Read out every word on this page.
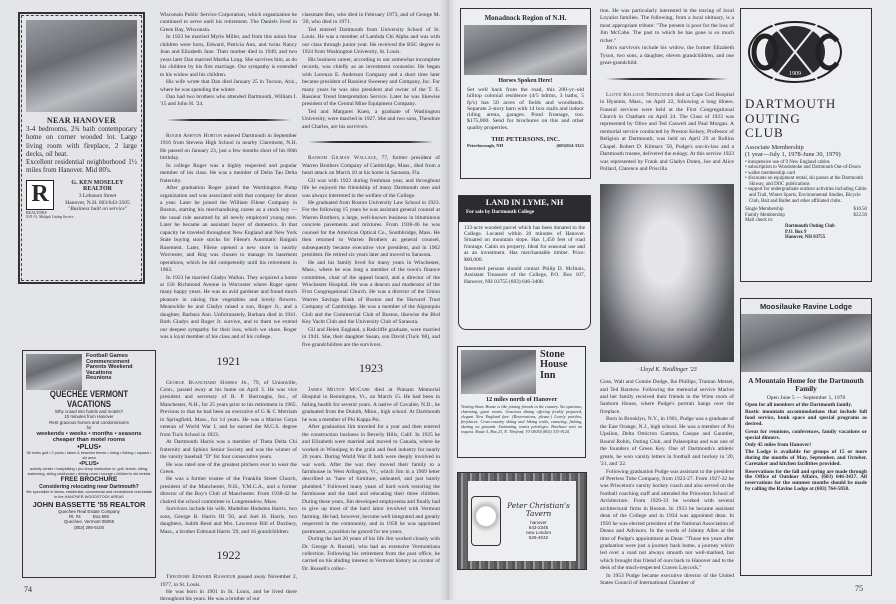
NEAR HANOVER
3-4 bedrooms, 2¾ bath contemporary home on corner wooded lot. Large living room with fireplace, 2 large decks, oil heat.
Excellent residential neighborhood 1½ miles from Hanover. Mid 80's.
R
REALTOR®
G. KEN MOSELEY
REALTOR
3 Lebanon Street
Hanover, N.H. 603/643-3505
"Business built on service"
N.H.-Vt. Multiple Listing Service
Football Games
Commencement
Parents Weekend
Vacations
Reunions
QUECHEE VERMONT VACATIONS
Why crowd into hotels and motels?
10 minutes from Hanover
Rent gracious homes and condominiums
for
weekends • weeks • months • seasons
cheaper than motel rooms
•PLUS•
36 holes golf • 2 pools • lakes & beaches tennis • riding • fishing • squash • ski area
•PLUS•
activity center • babysitting • pro shop instruction in: golf, tennis, riding, swimming, skiing clubhouse • dining room • lounge • children's ski rentals
FREE BROCHURE
Considering relocating near Dartmouth?
We specialize in farms, residential, commercial and recreational real estate in the HANOVER-WOODSTOCK AREAS
JOHN BASSETTE '55 REALTOR
Quechee Real Estate Company
Rt. #4          Box 580
Quechee, Vermont 05059
(802) 295-5100
74

Wisconsin Public Service Corporation, which organization he continued to serve until his retirement. The Daniels lived in Green Bay, Wisconsin.

In 1923 he married Myrle Miller, and from this union four children were born, Edward, Patricia Ann, and twins Nancy Jean and Elizabeth Jane. Their mother died in 1949, and two years later Dan married Martha Long. She survives him, as do his children by his first marriage. Our sympathy is extended to his widow and his children.

His wife wrote that Dan died January 25 in Tucson, Ariz., where he was spending the winter.

Dan had two brothers who attended Dartmouth, William I. '15 and John H. '24.

Roger Ashton Horton entered Dartmouth in September 1916 from Stevens High School in nearby Claremont, N.H. He passed on January 23, just a few months short of his 80th birthday.

In college Roger was a highly respected and popular member of his class. He was a member of Delta Tau Delta fraternity.

After graduation Roger joined the Worthington Pump organization and was associated with that company for about a year. Later he joined the William Filene Company in Boston, starting his merchandising career as a stock boy — the usual role assumed by all newly employed young men. Later he became an assistant buyer of domestics. In that capacity he traveled throughout New England and New York State buying store stocks for Filene's Automatic Bargain Basement. Later, Filene opened a new store in nearby Worcester, and Rog was chosen to manage its basement operations, which he did competently until his retirement in 1963.

In 1923 he married Gladys Wallon. They acquired a home at 156 Richmond Avenue in Worcester where Roger spent many happy years. He was an avid gardener and found much pleasure in raising fine vegetables and lovely flowers. Meanwhile he and Gladys raised a son, Roger Jr., and a daughter, Barbara Ann. Unfortunately, Barbara died in 1941. Both Gladys and Roger Jr. survive, and to them we extend our deepest sympathy for their loss, which we share. Roger was a loyal member of his class and of his college.

1921

George Blanchard Harris Jr., 79, of Unionville, Conn., passed away at his home on April 3. He was vice president and secretary of R. P. Burroughs, Inc., of Manchester, N.H., for 25 years prior to his retirement in 1965. Previous to that he had been an executive of G & C Merriam in Springfield, Mass., for 14 years. He was a Marine Corps veteran of World War I, and he earned the M.C.S. degree from Tuck School in 1923.

At Dartmouth Harris was a member of Theta Delta Chi fraternity and Sphinx Senior Society and was the winner of the varsity baseball "D" for four consecutive years.

He was rated one of the greatest pitchers ever to wear the Green.

He was a former trustee of the Franklin Street Church, president of the Manchester, N.H., Y.M.C.A., and a former director of the Boy's Club of Manchester. From 1938-42 he chaired the school committee in Longmeadow, Mass.

Survivors include his wife, Madeline Hodsdon Harris, two sons, George B. Harris III '50, and Joel H. Harris, two daughters, Judith Reed and Mrs. Lawrence Bill of Duxbury, Mass., a brother Edmund Harris '29, and 16 grandchildren.

1922

Theodore Edward Rassieur passed away November 2, 1977, in St. Louis.

He was born in 1901 in St. Louis, and he lived there throughout his years. He was a brother of our

classmate Ben, who died in February 1973, and of George M. '20, who died in 1971.

Ted entered Dartmouth from University School of St. Louis. He was a member of Lambda Chi Alpha and was with our class through junior year. He received the BSC degree in 1924 from Washington University, St. Louis.

His business career, according to our somewhat incomplete records, was chiefly as an investment counselor. He began with Lorenzo E. Anderson Company and a short time later became president of Rassieur Sweeney and Company, Inc. For many years he was also president and owner of the T. E. Rassieur Trend Interpretation Service. Later he was likewise president of the Central Mine Equipment Company.

Ted and Margaret Kuen, a graduate of Washington University, were married in 1927. She and two sons, Theodore and Charles, are his survivors.

Ransom Gilman Wallace, 77, former president of Warren Brothers Company of Cambridge, Mass., died from a heart attack on March 10 at his home in Sarasota, Fla.

Gil was with 1922 during freshman year, and throughout life he enjoyed the friendship of many Dartmouth men and was always interested in the welfare of the College.

He graduated from Boston University Law School in 1923. For the following 15 years he was assistant general counsel at Warren Brothers, a large, well-known business in bituminous concrete pavements and mixtures. From 1938-46 he was counsel for the American Optical Co., Southbridge, Mass. He then returned to Warren Brothers as general counsel, subsequently became executive vice president, and in 1962 president. He retired six years later and moved to Sarasota.

He and his family lived for many years in Winchester, Mass., where he was long a member of the town's finance committee, chair of the appeal board, and a director of the Winchester Hospital. He was a deacon and moderator of the First Congregational Church. He was a director of the Union Warren Savings Bank of Boston and the Harvard Trust Company of Cambridge. He was a member of the Algonquin Club and the Commercial Club of Boston, likewise the Bird Key Yacht Club and the University Club of Sarasota.

Gil and Helen England, a Radcliffe graduate, were married in 1941. She, their daughter Susan, son David (Tuck '68), and five grandchildren are the survivors.

1923

James Milton McCabe died at Putnam Memorial Hospital in Bennington, Vt., on March 15. He had been in failing health for several years. A native of Cavalier, N.D., he graduated from the Duluth, Minn., high school. At Dartmouth he was a member of Phi Kappa Psi.

After graduation Jim traveled for a year and then entered the construction business in Beverly Hills, Calif. In 1925 he and Elizabeth were married and moved to Canada, where he worked in Winnipeg in the grain and feed industry for nearly 20 years. During World War II both were deeply involved in war work. After the war they moved their family to a farmhouse in West Arlington, Vt., which Jim in a 1969 letter described as "bare of furniture, unheated, and just barely plumbed." Followed many years of hard work restoring the farmhouse and the land and educating their three children. During these years, Jim developed emphysema and finally had to give up most of the hard labor involved with Vermont farming. He had, however, become well integrated and greatly respected in the community, and in 1958 he was appointed postmaster, a position he graced for ten years.

During the last 20 years of his life Jim worked closely with Dr. George A. Russell, who had an extensive Vermontiana collection. Following his retirement from the post office, he carried on his abiding interest in Vermont history as curator of Dr. Russell's collec-

Monadnock Region of N.H.
Horses Spoken Here!
Set well back from the road, this 200-yr.-old hilltop colonial residence (4/5 bdrms, 3 baths, 5 fp's) has 50 acres of fields and woodlands. Separate 2-story barn with 14 box stalls and indoor riding arena, garages. Pond frontage, too. $175,000. Send for brochures on this and other quality properties.
THE PETERSONS, INC.
Peterborough, NH	(603)924-3321
LAND IN LYME, NH
For sale by Dartmouth College
133-acre wooded parcel which has been donated to the College. Located within 20 minutes of Hanover. Situated on mountain slope. Has 1,450 feet of road frontage. Cabin on property. Ideal for seasonal use and as an investment. Has merchantable timber. Price: $60,000.
Interested persons should contact Philip D. McInnis, Assistant Treasurer of the College, P.O. Box 107, Hanover, NH 03755 (603) 646-3408.
Stone
House
Inn
12 miles north of Hanover
Visiting Stone House is like joining friends in the country. Six spacious, charming, guest rooms. Gracious dining offering freshly prepared, elegant New England fare. (Reservations, please.) Lovely porches, fireplaces. Cross-country skiing and hiking trails, canoeing, fishing, skating on grounds. Swimming, tennis privileges. Brochure sent on request. Route 5, Box 23, N. Thetford, VT 05054 (802) 333-9124.
Peter Christian's Tavern
hanover
643-2345
new London
526-4042

tion. He was particularly interested in the tracing of local Loyalist families. The following, from a local obituary, is a most appropriate tribute: "The present is poor for the loss of Jim McCabe. The past to which he has gone is so much richer."

Jim's survivors include his widow, the former Elizabeth Tyson, two sons, a daughter, eleven grandchildren, and one great-grandchild.

Lloyd Kellock Neidlinger died at Cape Cod Hospital in Hyannis, Mass., on April 22, following a long illness. Funeral services were held at the First Congregational Church in Chatham on April 24. The Class of 1923 was represented by Olive and Ted Caswell and Paul Morgan. A memorial service conducted by Preston Kelsey, Professor of Religion at Dartmouth, was held on April 29 at Rollins Chapel. Robert D. Kilmarx '50, Pudge's son-in-law and a Dartmouth trustee, delivered the eulogy. At this service 1923 was represented by Frank and Gladys Doten, Joe and Alice Pollard, Clarence and Priscilla

· Lloyd K. Neidlinger '23

Goss, Walt and Connie Dodge, Ike Phillips, Truman Metzel, and Ted Barstow. Following the memorial service Marion and her family received their friends in the Wren room of Sanborn House, where Pudge's portrait hangs over the fireplace.

Born in Brooklyn, N.Y., in 1901, Pudge was a graduate of the East Orange, N.J., high school. He was a member of Psi Upsilon, Delta Omicron Gamma, Casque and Gauntlet, Round Robin, Outing Club, and Palaeopitus and was one of the founders of Green Key. One of Dartmouth's athletic greats, he won varsity letters in football and hockey in '20, '21, and '22.

Following graduation Pudge was assistant to the president of Peerless Tube Company, from 1923-27. From 1927-32 he was Princeton's varsity hockey coach and also served on the football coaching staff and attended the Princeton School of Architecture. From 1929-33 he worked with several architectural firms in Boston. In 1933 he became assistant dean of the College and in 1934 was appointed dean. In 1950 he was elected president of the National Association of Deans and Advisors. In the words of Johnny Allen at the time of Pudge's appointment as Dean: "Those ten years after graduation were just a journey back home, a journey which led over a road not always smooth nor well-marked, but which brought this friend of ours back to Hanover and to the desk of the much-respected Craven Laycock."

In 1953 Pudge became executive director of the United States Council of International Chamber of

1909
DARTMOUTH
OUTING
CLUB
Associate Membership
(1 year—July 1, 1978-June 30, 1979)
• inexpensive use of 9 New England cabins
• subscription to Woodsmoke and Dartmouth Out-of-Doors
• wallet membership card
• discounts on equipment rental, ski passes at the Dartmouth Skiway, and DOC publications
• support for undergraduate outdoor activities including Cabin and Trail, Winter Sports, Environmental Studies, Bicycle Club, Bait and Bullet and other affiliated clubs.
Single Membership	$10.50
Family Membership	$22.50
Mail check to:
Dartmouth Outing Club
P.O. Box 9
Hanover, NH 03755
Moosilauke Ravine Lodge
A Mountain Home for the Dartmouth Family
Open June 5 — September 1, 1978

Open for all members of the Dartmouth family.

Rustic mountain accommodations that include full food service, bunk space and special programs as desired.

Great for reunions, conferences, family vacations or special dinners.

Only 45 miles from Hanover!

The Lodge is available for groups of 15 or more during the months of May, September, and October. Caretaker and kitchen facilitites provided.

Reservations for the fall and spring are made through the Office of Outdoor Affairs, (603) 646-3437. All reservations for the summer months should be made by calling the Ravine Lodge at (603) 764-5858.

75
